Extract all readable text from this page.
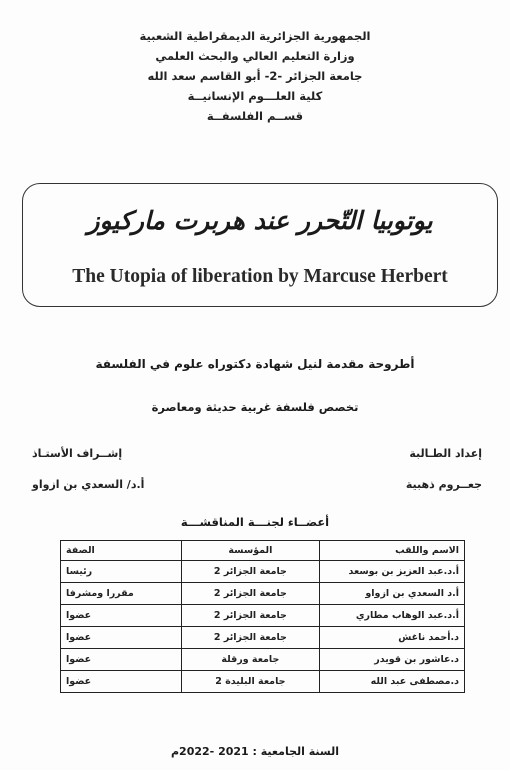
الجمهورية الجزائرية الديمقراطية الشعبية
وزارة التعليم العالي والبحث العلمي
جامعة الجزائر -2- أبو القاسم سعد الله
كلية العلـــوم الإنسانيــة
قســم الفلسفــة
يوتوبيا التّحرر عند هربرت ماركيوز
The Utopia of liberation by Marcuse Herbert
أطروحة مقدمة لنيل شهادة دكتوراه علوم في الفلسفة
تخصص فلسفة غربية حديثة ومعاصرة
إعداد الطـالبة
جعــروم ذهبية
إشــراف الأستـاذ
أ.د/ السعدي بن ازواو
أعضــاء لجنـــة المناقشـــة
الاسم واللقب	المؤسسة	الصفة
أ.د.عبد العزيز بن بوسعد	جامعة الجزائر 2	رئيسا
أ.د السعدي بن ازواو	جامعة الجزائر 2	مقررا ومشرفا
أ.د.عبد الوهاب مطاري	جامعة الجزائر 2	عضوا
د.أحمد ناغش	جامعة الجزائر 2	عضوا
د.عاشور بن قويدر	جامعة ورقلة	عضوا
د.مصطفى عبد الله	جامعة البليدة 2	عضوا
السنة الجامعية : 2021 -2022م
